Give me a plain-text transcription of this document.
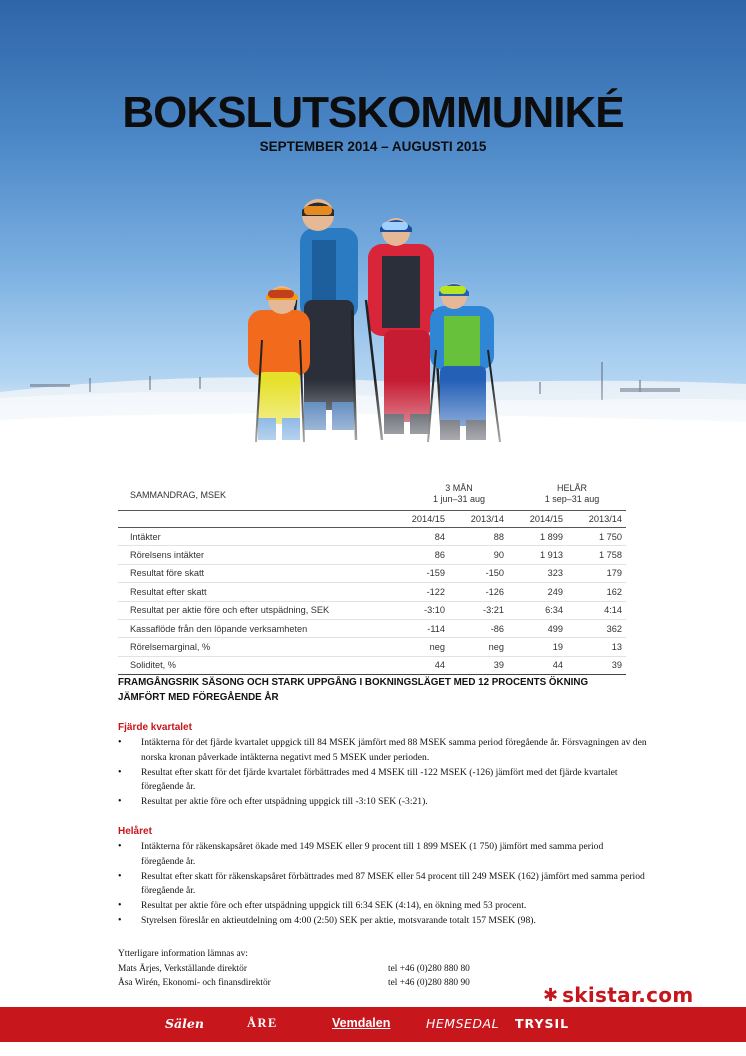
BOKSLUTSKOMMUNIKÉ
SEPTEMBER 2014 – AUGUSTI 2015
SAMMANDRAG, MSEK
3 MÅN
1 jun–31 aug
HELÅR
1 sep–31 aug
	2014/15	2013/14	2014/15	2013/14
Intäkter	84	88	1 899	1 750
Rörelsens intäkter	86	90	1 913	1 758
Resultat före skatt	-159	-150	323	179
Resultat efter skatt	-122	-126	249	162
Resultat per aktie före och efter utspädning, SEK	-3:10	-3:21	6:34	4:14
Kassaflöde från den löpande verksamheten	-114	-86	499	362
Rörelsemarginal, %	neg	neg	19	13
Soliditet, %	44	39	44	39
FRAMGÅNGSRIK SÄSONG OCH STARK UPPGÅNG I BOKNINGSLÄGET MED 12 PROCENTS ÖKNING JÄMFÖRT MED FÖREGÅENDE ÅR
Fjärde kvartalet
• Intäkterna för det fjärde kvartalet uppgick till 84 MSEK jämfört med 88 MSEK samma period föregående år. Försvagningen av den norska kronan påverkade intäkterna negativt med 5 MSEK under perioden.
• Resultat efter skatt för det fjärde kvartalet förbättrades med 4 MSEK till -122 MSEK (-126) jämfört med det fjärde kvartalet föregående år.
• Resultat per aktie före och efter utspädning uppgick till -3:10 SEK (-3:21).
Helåret
• Intäkterna för räkenskapsåret ökade med 149 MSEK eller 9 procent till 1 899 MSEK (1 750) jämfört med samma period föregående år.
• Resultat efter skatt för räkenskapsåret förbättrades med 87 MSEK eller 54 procent till 249 MSEK (162) jämfört med samma period föregående år.
• Resultat per aktie före och efter utspädning uppgick till 6:34 SEK (4:14), en ökning med 53 procent.
• Styrelsen föreslår en aktieutdelning om 4:00 (2:50) SEK per aktie, motsvarande totalt 157 MSEK (98).
Ytterligare information lämnas av:
Mats Årjes, Verkställande direktör	tel +46 (0)280 880 80
Åsa Wirén, Ekonomi- och finansdirektör	tel +46 (0)280 880 90
✱ skistar.com
Sälen	ÅRE	Vemdalen	HEMSEDAL TRYSIL
